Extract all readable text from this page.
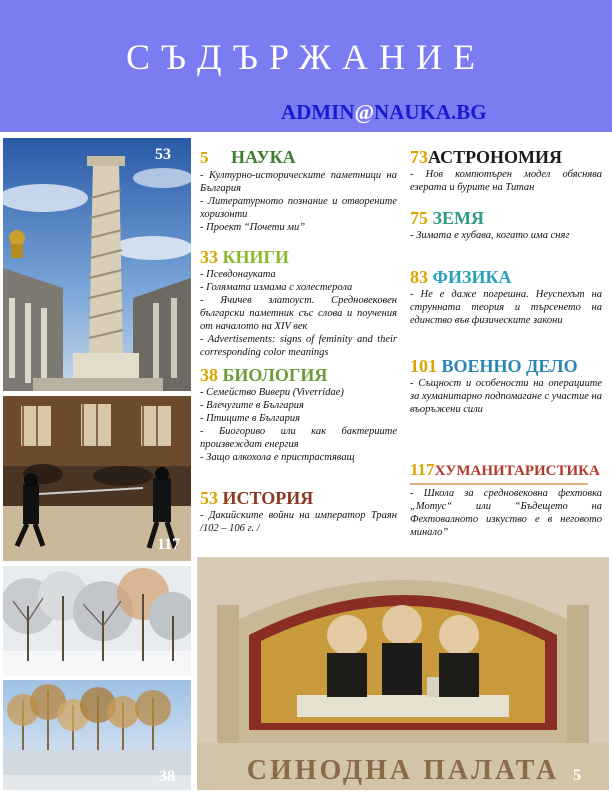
СЪДЪРЖАНИЕ
ADMIN@NAUKA.BG
53
117
38	СИНОДНА ПАЛАТА 5
5 НАУКА
- Културно-историческите паметници на България
- Литературното познание и отворените хоризонти
- Проект “Почети ми”
33 КНИГИ
- Псевдонауката
- Голямата измама с холестерола
- Ячичев златоуст. Средновековен български паметник със слова и поучения от началото на XIV век
- Advertisements: signs of feminity and their corresponding color meanings
38 БИОЛОГИЯ
- Семейство Вивери (Viverridae)
- Влечугите в България
- Птиците в България
- Биогориво или как бактериите произвеждат енергия
- Защо алкохола е пристрастяващ
53 ИСТОРИЯ
- Дакийските войни на император Траян /102 – 106 г. /
73АСТРОНОМИЯ
- Нов компютърен модел обяснява езерата и бурите на Титан
75 ЗЕМЯ
- Зимата е хубава, когато има сняг
83 ФИЗИКА
- Не е даже погрешна. Неуспехът на струнната теория и търсенето на единство във физическите закони
101 ВОЕННО ДЕЛО
- Същност и особености на операциите за хуманитарно подпомагане с участие на въоръжени сили
117ХУМАНИТАРИСТИКА
- Школа за средновековна фехтовка „Мотус“ или “Бъдещето на Фехтовалното изкуство е в неговото минало”
